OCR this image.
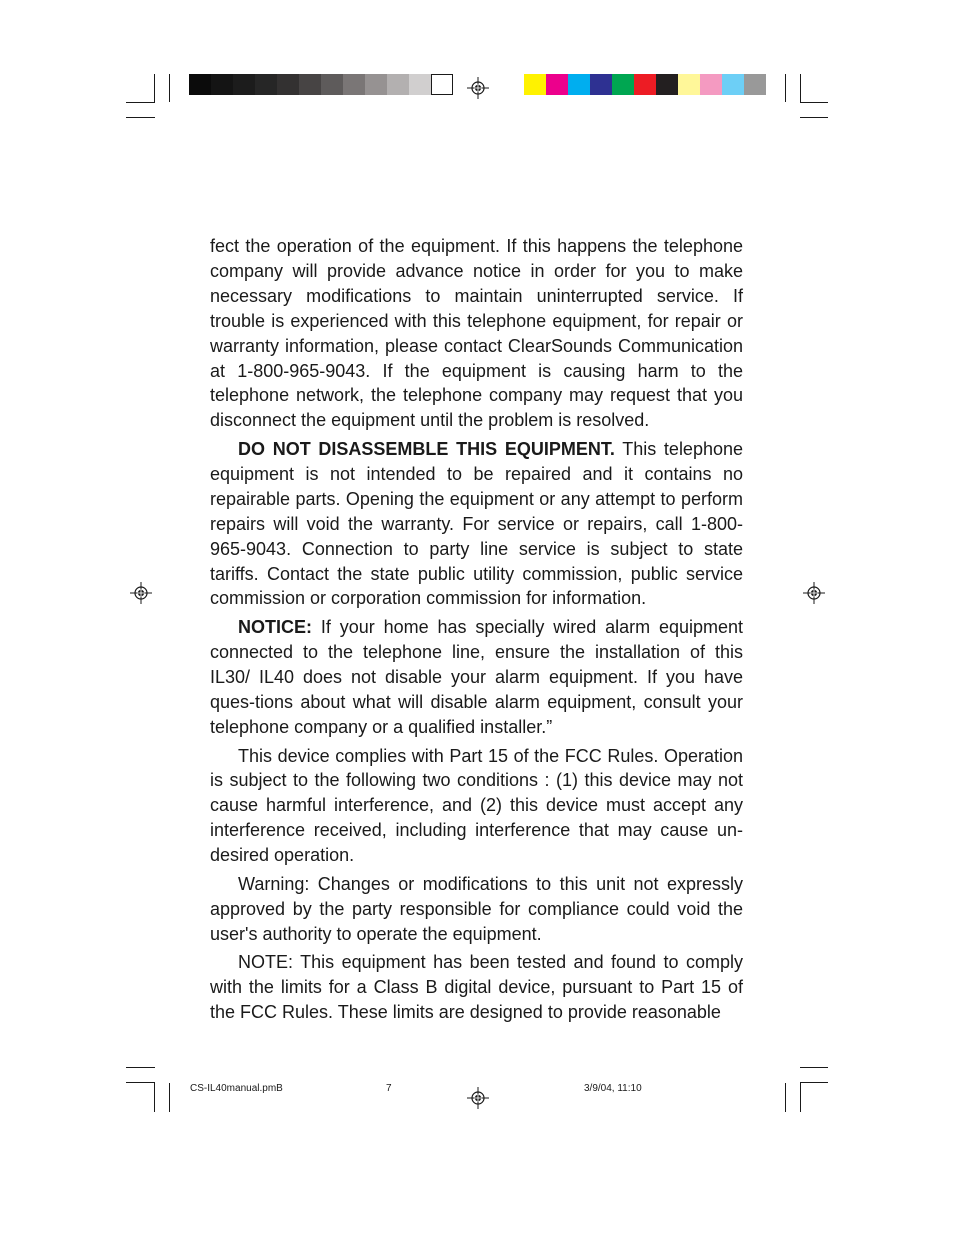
fect the operation of the equipment. If this happens the telephone company will provide advance notice in order for you to make necessary modifications to maintain uninterrupted service. If trouble is experienced with this telephone equipment, for repair or warranty information, please contact ClearSounds Communication at 1-800-965-9043. If the equipment is causing harm to the telephone network, the telephone company may request that you disconnect the equipment until the problem is resolved.

DO NOT DISASSEMBLE THIS EQUIPMENT. This telephone equipment is not intended to be repaired and it contains no repairable parts. Opening the equipment or any attempt to perform repairs will void the warranty. For service or repairs, call 1-800-965-9043. Connection to party line service is subject to state tariffs. Contact the state public utility commission, public service commission or corporation commission for information.

NOTICE: If your home has specially wired alarm equipment connected to the telephone line, ensure the installation of this IL30/ IL40 does not disable your alarm equipment. If you have ques-tions about what will disable alarm equipment, consult your telephone company or a qualified installer.”

This device complies with Part 15 of the FCC Rules. Operation is subject to the following two conditions : (1) this device may not cause harmful interference, and (2) this device must accept any interference received, including interference that may cause un-desired operation.

Warning: Changes or modifications to this unit not expressly approved by the party responsible for compliance could void the user's authority to operate the equipment.

NOTE: This equipment has been tested and found to comply with the limits for a Class B digital device, pursuant to Part 15 of the FCC Rules. These limits are designed to provide reasonable

CS-IL40manual.pmB	7	3/9/04, 11:10
